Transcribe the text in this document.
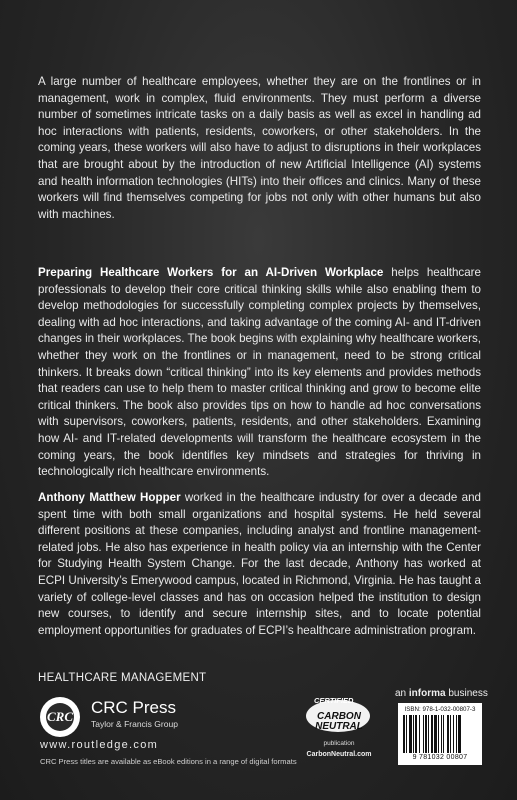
A large number of healthcare employees, whether they are on the frontlines or in management, work in complex, fluid environments. They must perform a diverse number of sometimes intricate tasks on a daily basis as well as excel in handling ad hoc interactions with patients, residents, coworkers, or other stakeholders. In the coming years, these workers will also have to adjust to disruptions in their workplaces that are brought about by the introduction of new Artificial Intelligence (AI) systems and health information technologies (HITs) into their offices and clinics. Many of these workers will find themselves competing for jobs not only with other humans but also with machines.
Preparing Healthcare Workers for an AI-Driven Workplace helps healthcare professionals to develop their core critical thinking skills while also enabling them to develop methodologies for successfully completing complex projects by themselves, dealing with ad hoc interactions, and taking advantage of the coming AI- and IT-driven changes in their workplaces. The book begins with explaining why healthcare workers, whether they work on the frontlines or in management, need to be strong critical thinkers. It breaks down “critical thinking” into its key elements and provides methods that readers can use to help them to master critical thinking and grow to become elite critical thinkers. The book also provides tips on how to handle ad hoc conversations with supervisors, coworkers, patients, residents, and other stakeholders. Examining how AI- and IT-related developments will transform the healthcare ecosystem in the coming years, the book identifies key mindsets and strategies for thriving in technologically rich healthcare environments.
Anthony Matthew Hopper worked in the healthcare industry for over a decade and spent time with both small organizations and hospital systems. He held several different positions at these companies, including analyst and frontline management-related jobs. He also has experience in health policy via an internship with the Center for Studying Health System Change. For the last decade, Anthony has worked at ECPI University’s Emerywood campus, located in Richmond, Virginia. He has taught a variety of college-level classes and has on occasion helped the institution to design new courses, to identify and secure internship sites, and to locate potential employment opportunities for graduates of ECPI’s healthcare administration program.
HEALTHCARE MANAGEMENT
CRC	CRC Press
Taylor & Francis Group
www.routledge.com
CRC Press titles are available as eBook editions in a range of digital formats
CERTIFIED
CARBON
NEUTRAL
publication
CarbonNeutral.com
an informa business
ISBN: 978-1-032-00807-3
9 781032 00807
